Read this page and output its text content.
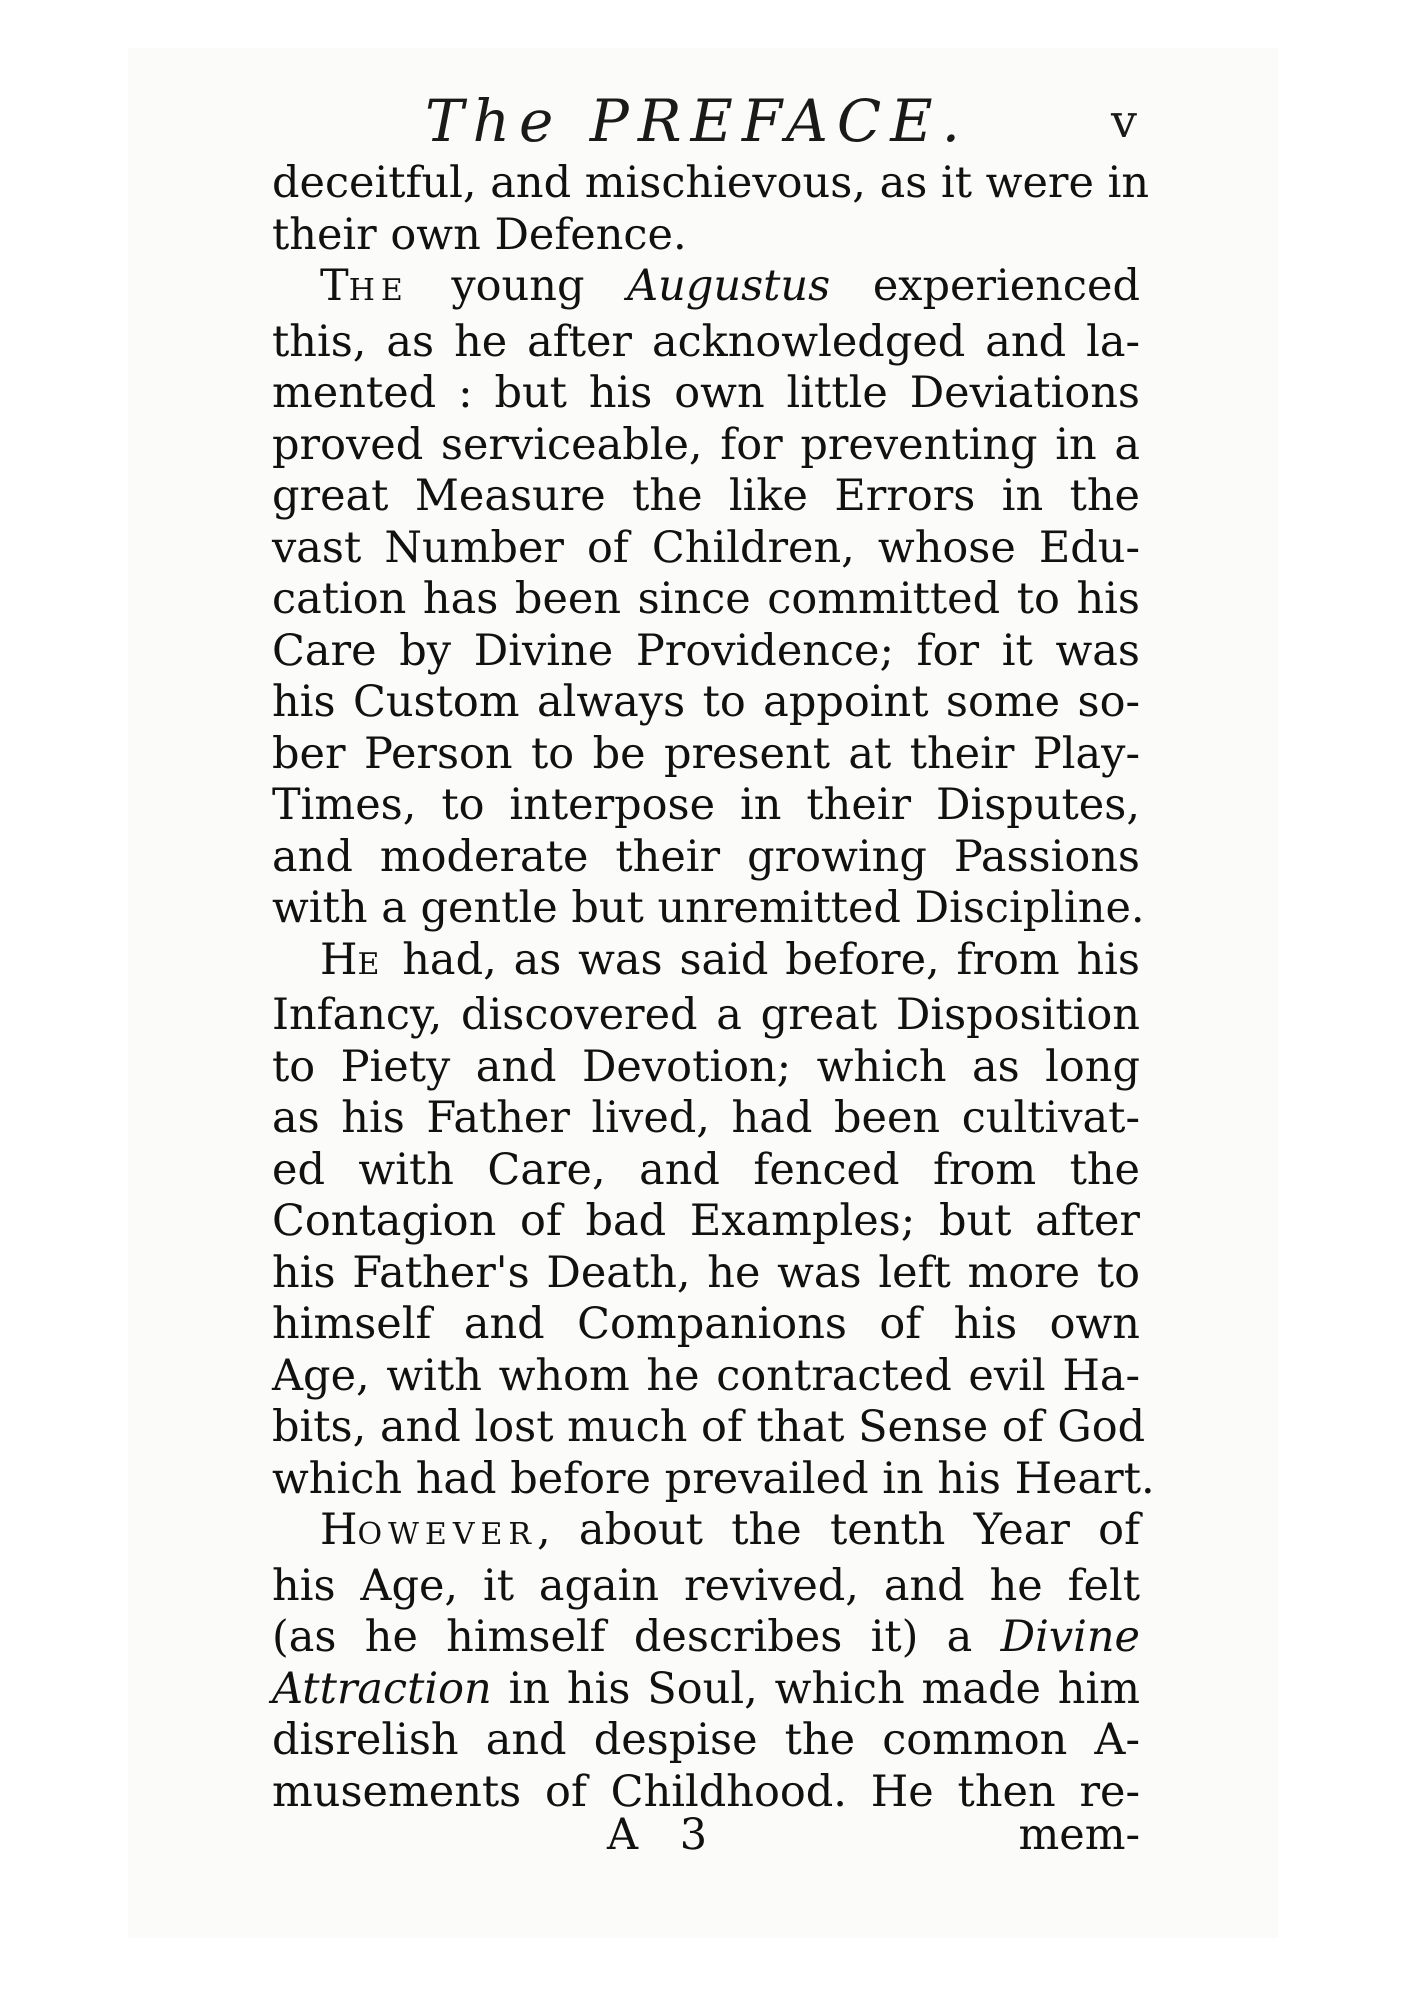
The PREFACE.	v

deceitful, and mischievous, as it were in

their own Defence.

THE young Augustus experienced

this, as he after acknowledged and la-

mented : but his own little Deviations

proved serviceable, for preventing in a

great Measure the like Errors in the

vast Number of Children, whose Edu-

cation has been since committed to his

Care by Divine Providence; for it was

his Custom always to appoint some so-

ber Person to be present at their Play-

Times, to interpose in their Disputes,

and moderate their growing Passions

with a gentle but unremitted Discipline.

HE had, as was said before, from his

Infancy, discovered a great Disposition

to Piety and Devotion; which as long

as his Father lived, had been cultivat-

ed with Care, and fenced from the

Contagion of bad Examples; but after

his Father's Death, he was left more to

himself and Companions of his own

Age, with whom he contracted evil Ha-

bits, and lost much of that Sense of God

which had before prevailed in his Heart.

HOWEVER, about the tenth Year of

his Age, it again revived, and he felt

(as he himself describes it) a Divine

Attraction in his Soul, which made him

disrelish and despise the common A-

musements of Childhood. He then re-

A 3	mem-
